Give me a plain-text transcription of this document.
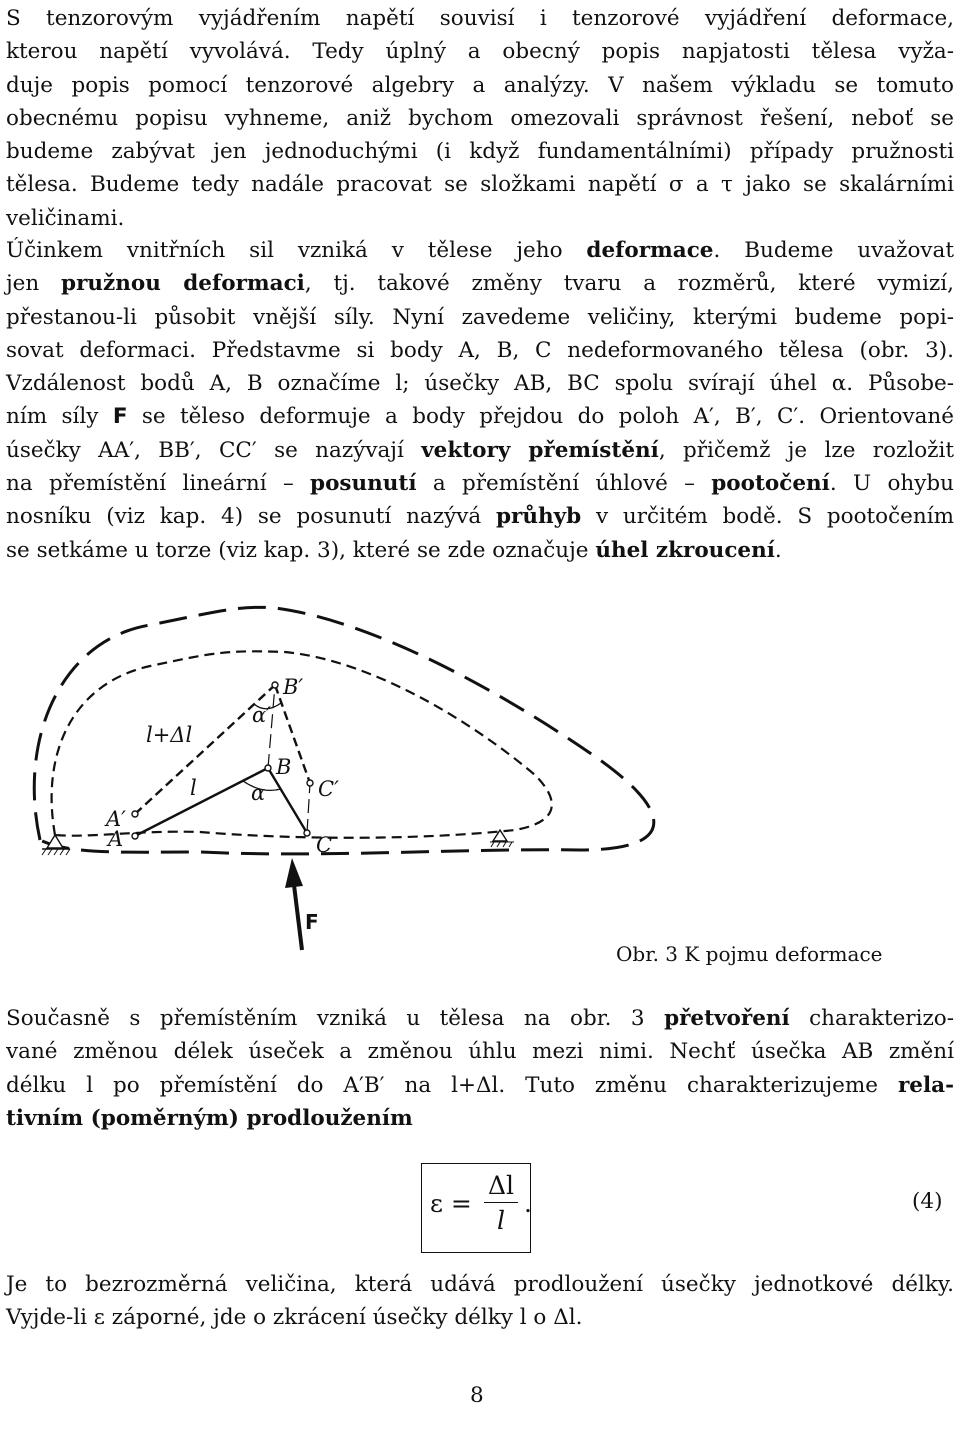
S tenzorovým vyjádřením napětí souvisí i tenzorové vyjádření deformace,
kterou napětí vyvolává. Tedy úplný a obecný popis napjatosti tělesa vyža-
duje popis pomocí tenzorové algebry a analýzy. V našem výkladu se tomuto
obecnému popisu vyhneme, aniž bychom omezovali správnost řešení, neboť se
budeme zabývat jen jednoduchými (i když fundamentálními) případy pružnosti
tělesa. Budeme tedy nadále pracovat se složkami napětí σ a τ jako se skalárními
veličinami.
Účinkem vnitřních sil vzniká v tělese jeho deformace. Budeme uvažovat
jen pružnou deformaci, tj. takové změny tvaru a rozměrů, které vymizí,
přestanou-li působit vnější síly. Nyní zavedeme veličiny, kterými budeme popi-
sovat deformaci. Představme si body A, B, C nedeformovaného tělesa (obr. 3).
Vzdálenost bodů A, B označíme l; úsečky AB, BC spolu svírají úhel α. Působe-
ním síly F se těleso deformuje a body přejdou do poloh A′, B′, C′. Orientované
úsečky AA′, BB′, CC′ se nazývají vektory přemístění, přičemž je lze rozložit
na přemístění lineární – posunutí a přemístění úhlové – pootočení. U ohybu
nosníku (viz kap. 4) se posunutí nazývá průhyb v určitém bodě. S pootočením
se setkáme u torze (viz kap. 3), které se zde označuje úhel zkroucení.
B′
α′
l+Δl
B
l	α	C′
A′
A	C
F
Obr. 3 K pojmu deformace
Současně s přemístěním vzniká u tělesa na obr. 3 přetvoření charakterizo-
vané změnou délek úseček a změnou úhlu mezi nimi. Nechť úsečka AB změní
délku l po přemístění do A′B′ na l+Δl. Tuto změnu charakterizujeme rela-
tivním (poměrným) prodloužením
$\varepsilon = \frac{\Delta l}{l}$ .	(4)
Je to bezrozměrná veličina, která udává prodloužení úsečky jednotkové délky.
Vyjde-li ε záporné, jde o zkrácení úsečky délky l o Δl.
8
